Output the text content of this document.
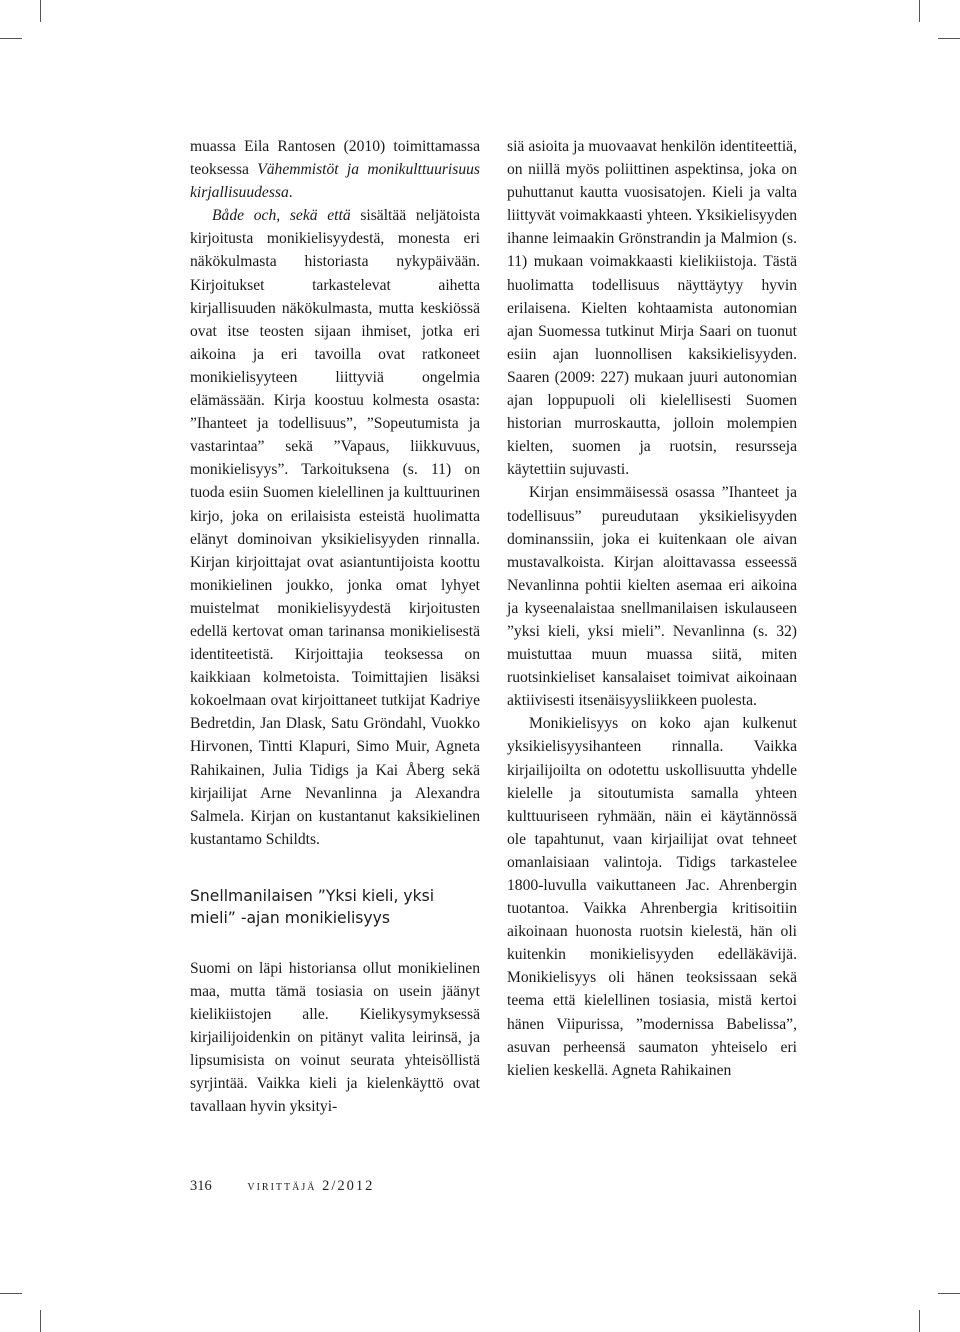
muassa Eila Rantosen (2010) toimittamassa teoksessa Vähemmistöt ja monikulttuurisuus kirjallisuudessa.

Både och, sekä että sisältää neljätoista kirjoitusta monikielisyydestä, monesta eri näkökulmasta historiasta nykypäivään. Kirjoitukset tarkastelevat aihetta kirjallisuuden näkökulmasta, mutta keskiössä ovat itse teosten sijaan ihmiset, jotka eri aikoina ja eri tavoilla ovat ratkoneet monikielisyyteen liittyviä ongelmia elämässään. Kirja koostuu kolmesta osasta: ”Ihanteet ja todellisuus”, ”Sopeutumista ja vastarintaa” sekä ”Vapaus, liikkuvuus, monikielisyys”. Tarkoituksena (s. 11) on tuoda esiin Suomen kielellinen ja kulttuurinen kirjo, joka on erilaisista esteistä huolimatta elänyt dominoivan yksikielisyyden rinnalla. Kirjan kirjoittajat ovat asiantuntijoista koottu monikielinen joukko, jonka omat lyhyet muistelmat monikielisyydestä kirjoitusten edellä kertovat oman tarinansa monikielisestä identiteetistä. Kirjoittajia teoksessa on kaikkiaan kolmetoista. Toimittajien lisäksi kokoelmaan ovat kirjoittaneet tutkijat Kadriye Bedretdin, Jan Dlask, Satu Gröndahl, Vuokko Hirvonen, Tintti Klapuri, Simo Muir, Agneta Rahikainen, Julia Tidigs ja Kai Åberg sekä kirjailijat Arne Nevanlinna ja Alexandra Salmela. Kirjan on kustantanut kaksikielinen kustantamo Schildts.

Snellmanilaisen ”Yksi kieli, yksi mieli” -ajan monikielisyys

Suomi on läpi historiansa ollut monikielinen maa, mutta tämä tosiasia on usein jäänyt kielikiistojen alle. Kielikysymyksessä kirjailijoidenkin on pitänyt valita leirinsä, ja lipsumisista on voinut seurata yhteisöllistä syrjintää. Vaikka kieli ja kielenkäyttö ovat tavallaan hyvin yksityi-

siä asioita ja muovaavat henkilön identiteettiä, on niillä myös poliittinen aspektinsa, joka on puhuttanut kautta vuosisatojen. Kieli ja valta liittyvät voimakkaasti yhteen. Yksikielisyyden ihanne leimaakin Grönstrandin ja Malmion (s. 11) mukaan voimakkaasti kielikiistoja. Tästä huolimatta todellisuus näyttäytyy hyvin erilaisena. Kielten kohtaamista autonomian ajan Suomessa tutkinut Mirja Saari on tuonut esiin ajan luonnollisen kaksikielisyyden. Saaren (2009: 227) mukaan juuri autonomian ajan loppupuoli oli kielellisesti Suomen historian murroskautta, jolloin molempien kielten, suomen ja ruotsin, resursseja käytettiin sujuvasti.

Kirjan ensimmäisessä osassa ”Ihanteet ja todellisuus” pureudutaan yksikielisyyden dominanssiin, joka ei kuitenkaan ole aivan mustavalkoista. Kirjan aloittavassa esseessä Nevanlinna pohtii kielten asemaa eri aikoina ja kyseenalaistaa snellmanilaisen iskulauseen ”yksi kieli, yksi mieli”. Nevanlinna (s. 32) muistuttaa muun muassa siitä, miten ruotsinkieliset kansalaiset toimivat aikoinaan aktiivisesti itsenäisyysliikkeen puolesta.

Monikielisyys on koko ajan kulkenut yksikielisyysihanteen rinnalla. Vaikka kirjailijoilta on odotettu uskollisuutta yhdelle kielelle ja sitoutumista samalla yhteen kulttuuriseen ryhmään, näin ei käytännössä ole tapahtunut, vaan kirjailijat ovat tehneet omanlaisiaan valintoja. Tidigs tarkastelee 1800-luvulla vaikuttaneen Jac. Ahrenbergin tuotantoa. Vaikka Ahrenbergia kritisoitiin aikoinaan huonosta ruotsin kielestä, hän oli kuitenkin monikielisyyden edelläkävijä. Monikielisyys oli hänen teoksissaan sekä teema että kielellinen tosiasia, mistä kertoi hänen Viipurissa, ”modernissa Babelissa”, asuvan perheensä saumaton yhteiselo eri kielien keskellä. Agneta Rahikainen

316 virittäjä 2/2012
